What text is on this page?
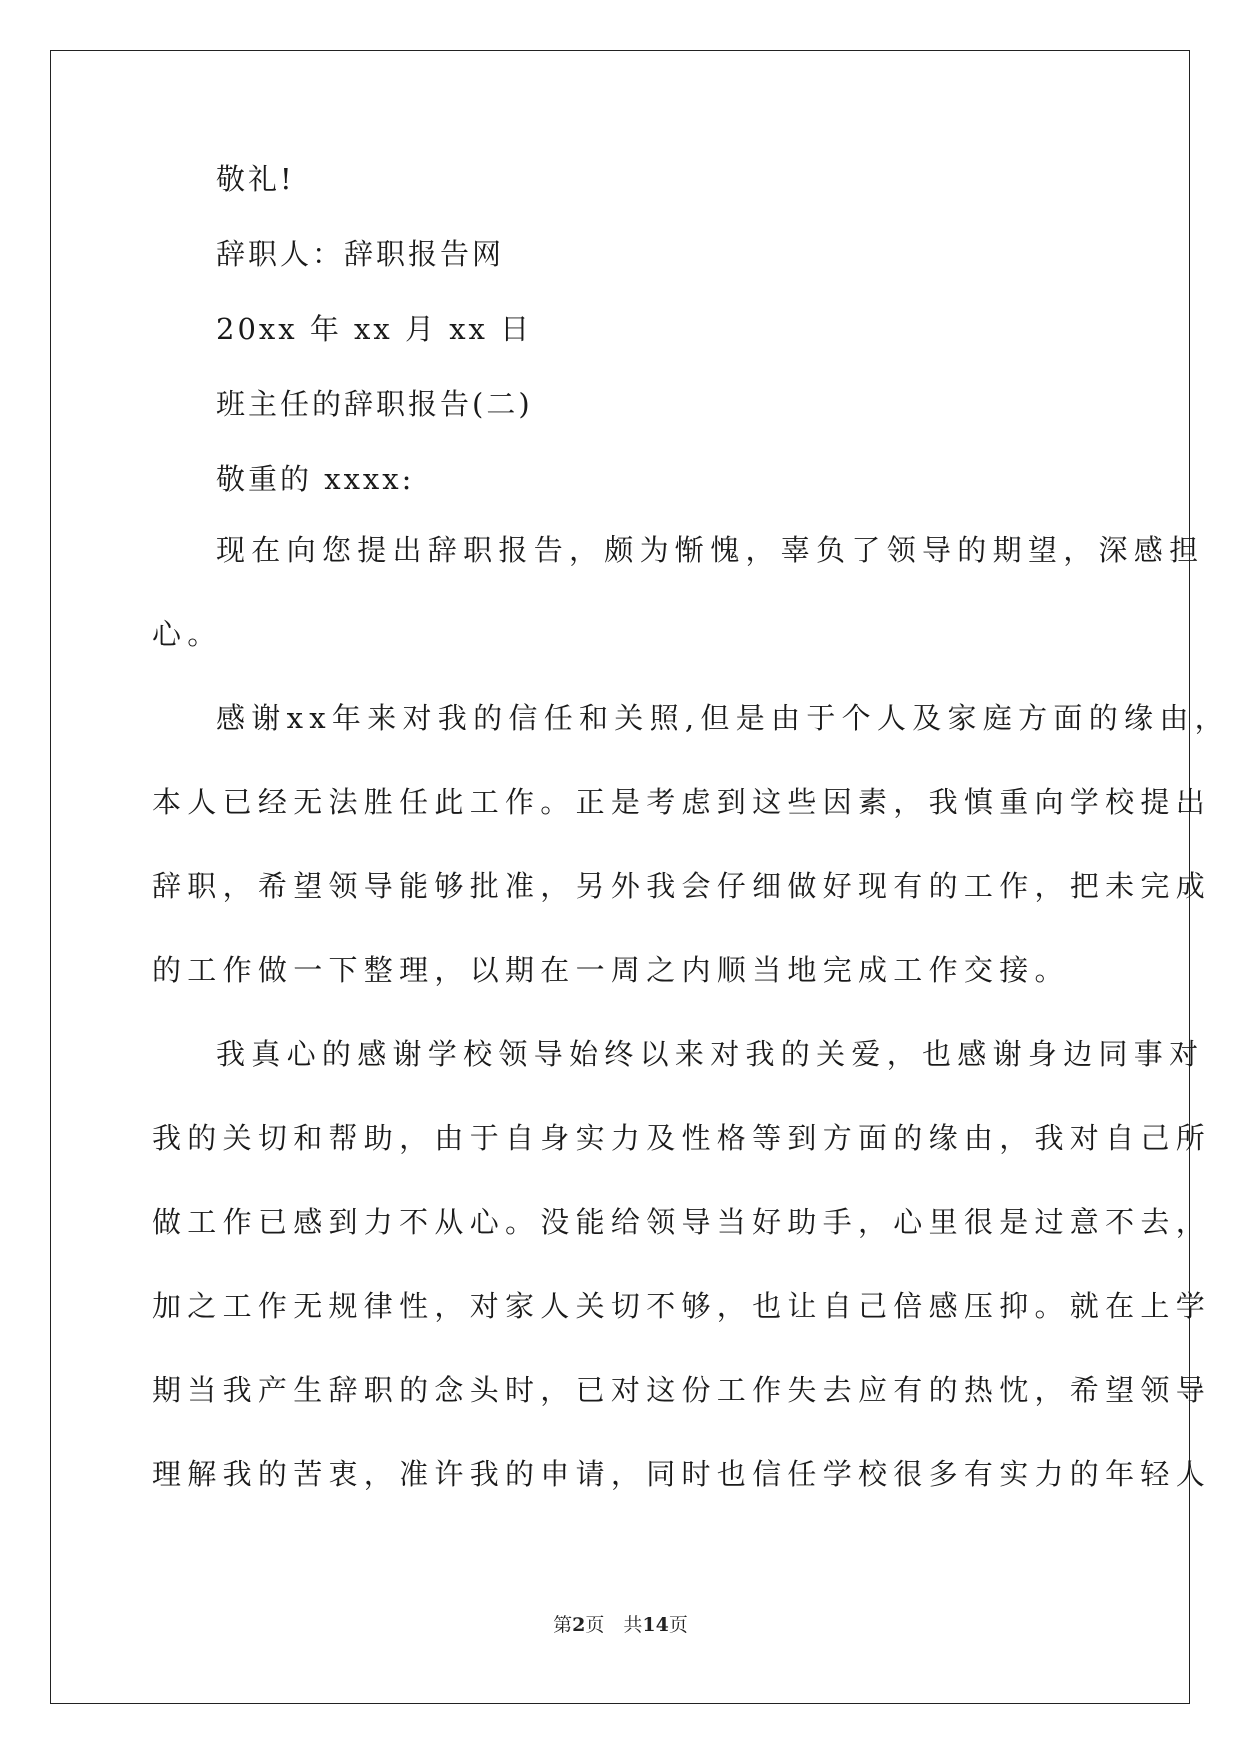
敬礼!
辞职人：辞职报告网
20xx 年 xx 月 xx 日
班主任的辞职报告(二)
敬重的 xxxx:
现在向您提出辞职报告，颇为惭愧，辜负了领导的期望，深感担
心。
感谢xx年来对我的信任和关照,但是由于个人及家庭方面的缘由，
本人已经无法胜任此工作。正是考虑到这些因素，我慎重向学校提出
辞职，希望领导能够批准，另外我会仔细做好现有的工作，把未完成
的工作做一下整理，以期在一周之内顺当地完成工作交接。
我真心的感谢学校领导始终以来对我的关爱，也感谢身边同事对
我的关切和帮助，由于自身实力及性格等到方面的缘由，我对自己所
做工作已感到力不从心。没能给领导当好助手，心里很是过意不去，
加之工作无规律性，对家人关切不够，也让自己倍感压抑。就在上学
期当我产生辞职的念头时，已对这份工作失去应有的热忱，希望领导
理解我的苦衷，准许我的申请，同时也信任学校很多有实力的年轻人
第2页　共14页
